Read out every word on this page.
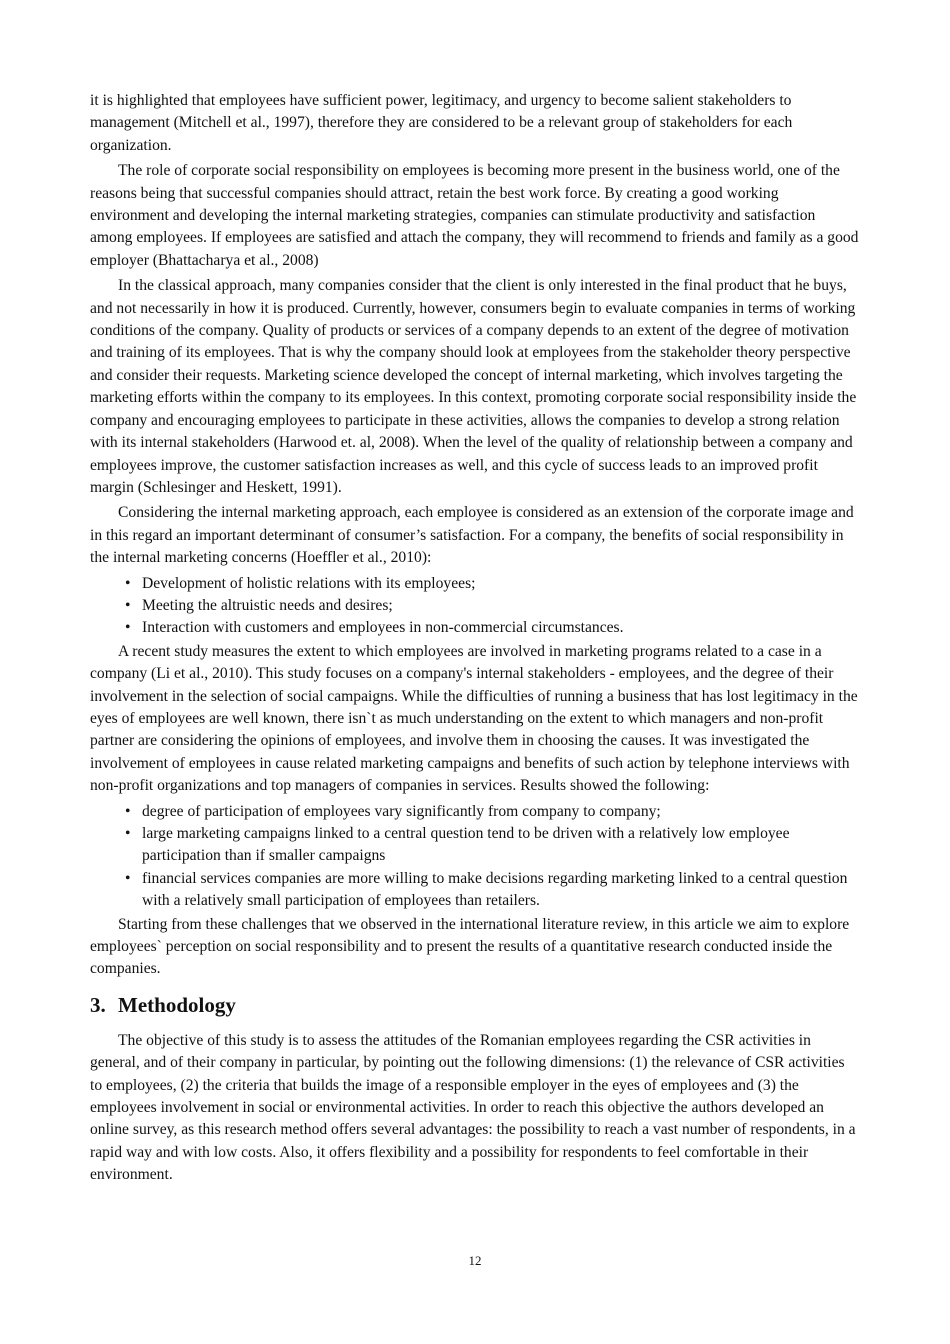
it is highlighted that employees have sufficient power, legitimacy, and urgency to become salient stakeholders to management (Mitchell et al., 1997), therefore they are considered to be a relevant group of stakeholders for each organization.

The role of corporate social responsibility on employees is becoming more present in the business world, one of the reasons being that successful companies should attract, retain the best work force. By creating a good working environment and developing the internal marketing strategies, companies can stimulate productivity and satisfaction among employees. If employees are satisfied and attach the company, they will recommend to friends and family as a good employer (Bhattacharya et al., 2008)

In the classical approach, many companies consider that the client is only interested in the final product that he buys, and not necessarily in how it is produced. Currently, however, consumers begin to evaluate companies in terms of working conditions of the company. Quality of products or services of a company depends to an extent of the degree of motivation and training of its employees. That is why the company should look at employees from the stakeholder theory perspective and consider their requests. Marketing science developed the concept of internal marketing, which involves targeting the marketing efforts within the company to its employees. In this context, promoting corporate social responsibility inside the company and encouraging employees to participate in these activities, allows the companies to develop a strong relation with its internal stakeholders (Harwood et. al, 2008). When the level of the quality of relationship between a company and employees improve, the customer satisfaction increases as well, and this cycle of success leads to an improved profit margin (Schlesinger and Heskett, 1991).

Considering the internal marketing approach, each employee is considered as an extension of the corporate image and in this regard an important determinant of consumer’s satisfaction. For a company, the benefits of social responsibility in the internal marketing concerns (Hoeffler et al., 2010):

• Development of holistic relations with its employees;
• Meeting the altruistic needs and desires;
• Interaction with customers and employees in non-commercial circumstances.

A recent study measures the extent to which employees are involved in marketing programs related to a case in a company (Li et al., 2010). This study focuses on a company's internal stakeholders - employees, and the degree of their involvement in the selection of social campaigns. While the difficulties of running a business that has lost legitimacy in the eyes of employees are well known, there isn`t as much understanding on the extent to which managers and non-profit partner are considering the opinions of employees, and involve them in choosing the causes. It was investigated the involvement of employees in cause related marketing campaigns and benefits of such action by telephone interviews with non-profit organizations and top managers of companies in services. Results showed the following:

• degree of participation of employees vary significantly from company to company;
• large marketing campaigns linked to a central question tend to be driven with a relatively low employee participation than if smaller campaigns
• financial services companies are more willing to make decisions regarding marketing linked to a central question with a relatively small participation of employees than retailers.

Starting from these challenges that we observed in the international literature review, in this article we aim to explore employees` perception on social responsibility and to present the results of a quantitative research conducted inside the companies.

3. Methodology

The objective of this study is to assess the attitudes of the Romanian employees regarding the CSR activities in general, and of their company in particular, by pointing out the following dimensions: (1) the relevance of CSR activities to employees, (2) the criteria that builds the image of a responsible employer in the eyes of employees and (3) the employees involvement in social or environmental activities. In order to reach this objective the authors developed an online survey, as this research method offers several advantages: the possibility to reach a vast number of respondents, in a rapid way and with low costs. Also, it offers flexibility and a possibility for respondents to feel comfortable in their environment.

12
